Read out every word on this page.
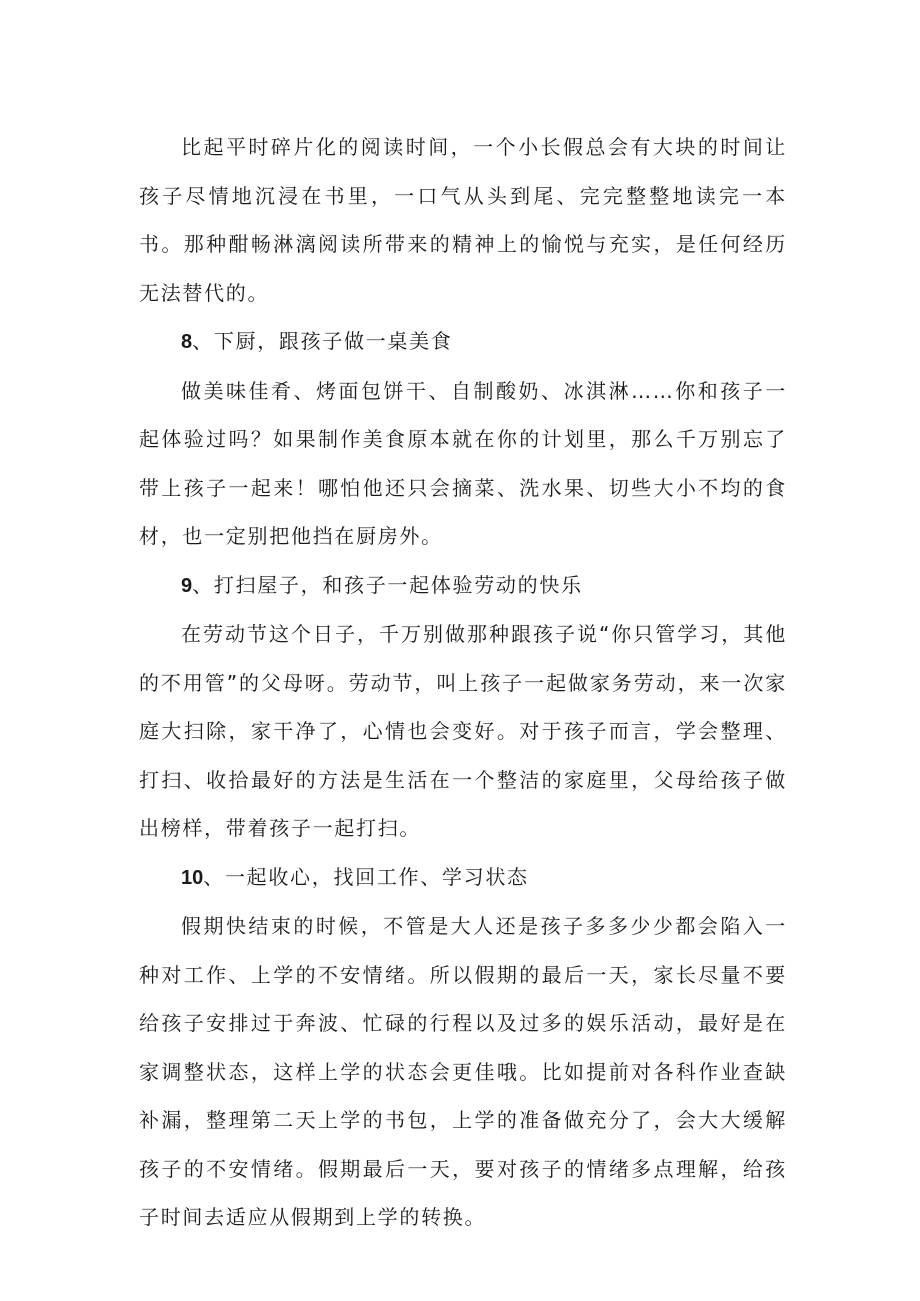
比起平时碎片化的阅读时间，一个小长假总会有大块的时间让孩子尽情地沉浸在书里，一口气从头到尾、完完整整地读完一本书。那种酣畅淋漓阅读所带来的精神上的愉悦与充实，是任何经历无法替代的。

8、下厨，跟孩子做一桌美食

做美味佳肴、烤面包饼干、自制酸奶、冰淇淋……你和孩子一起体验过吗？如果制作美食原本就在你的计划里，那么千万别忘了带上孩子一起来！哪怕他还只会摘菜、洗水果、切些大小不均的食材，也一定别把他挡在厨房外。

9、打扫屋子，和孩子一起体验劳动的快乐

在劳动节这个日子，千万别做那种跟孩子说“你只管学习，其他的不用管”的父母呀。劳动节，叫上孩子一起做家务劳动，来一次家庭大扫除，家干净了，心情也会变好。对于孩子而言，学会整理、打扫、收拾最好的方法是生活在一个整洁的家庭里，父母给孩子做出榜样，带着孩子一起打扫。

10、一起收心，找回工作、学习状态

假期快结束的时候，不管是大人还是孩子多多少少都会陷入一种对工作、上学的不安情绪。所以假期的最后一天，家长尽量不要给孩子安排过于奔波、忙碌的行程以及过多的娱乐活动，最好是在家调整状态，这样上学的状态会更佳哦。比如提前对各科作业查缺补漏，整理第二天上学的书包，上学的准备做充分了，会大大缓解孩子的不安情绪。假期最后一天，要对孩子的情绪多点理解，给孩子时间去适应从假期到上学的转换。
